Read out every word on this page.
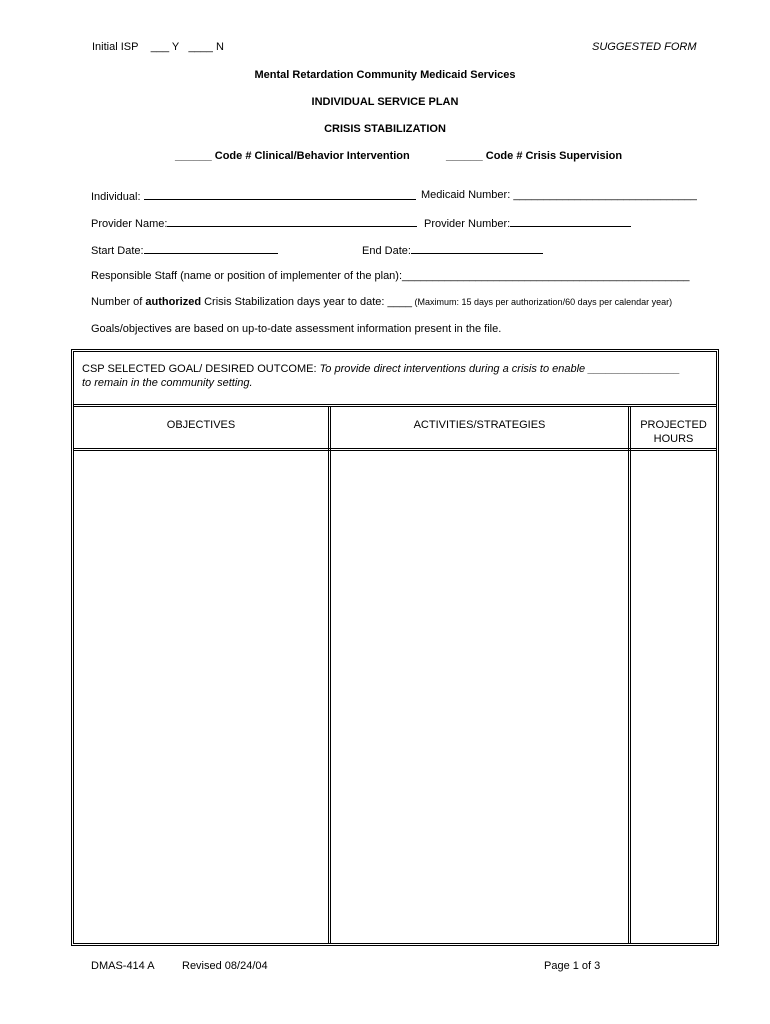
Initial ISP ___ Y ____ N	SUGGESTED FORM
Mental Retardation Community Medicaid Services
INDIVIDUAL SERVICE PLAN
CRISIS STABILIZATION
______ Code # Clinical/Behavior Intervention	______ Code # Crisis Supervision
Individual:	Medicaid Number: ______________________________
Provider Name:	Provider Number:
Start Date:	End Date:
Responsible Staff (name or position of implementer of the plan):_______________________________________________
Number of authorized Crisis Stabilization days year to date: ____ (Maximum: 15 days per authorization/60 days per calendar year)
Goals/objectives are based on up-to-date assessment information present in the file.
CSP SELECTED GOAL/ DESIRED OUTCOME: To provide direct interventions during a crisis to enable _______________
to remain in the community setting.
OBJECTIVES	ACTIVITIES/STRATEGIES	PROJECTED
HOURS
DMAS-414 A Revised 08/24/04	Page 1 of 3
